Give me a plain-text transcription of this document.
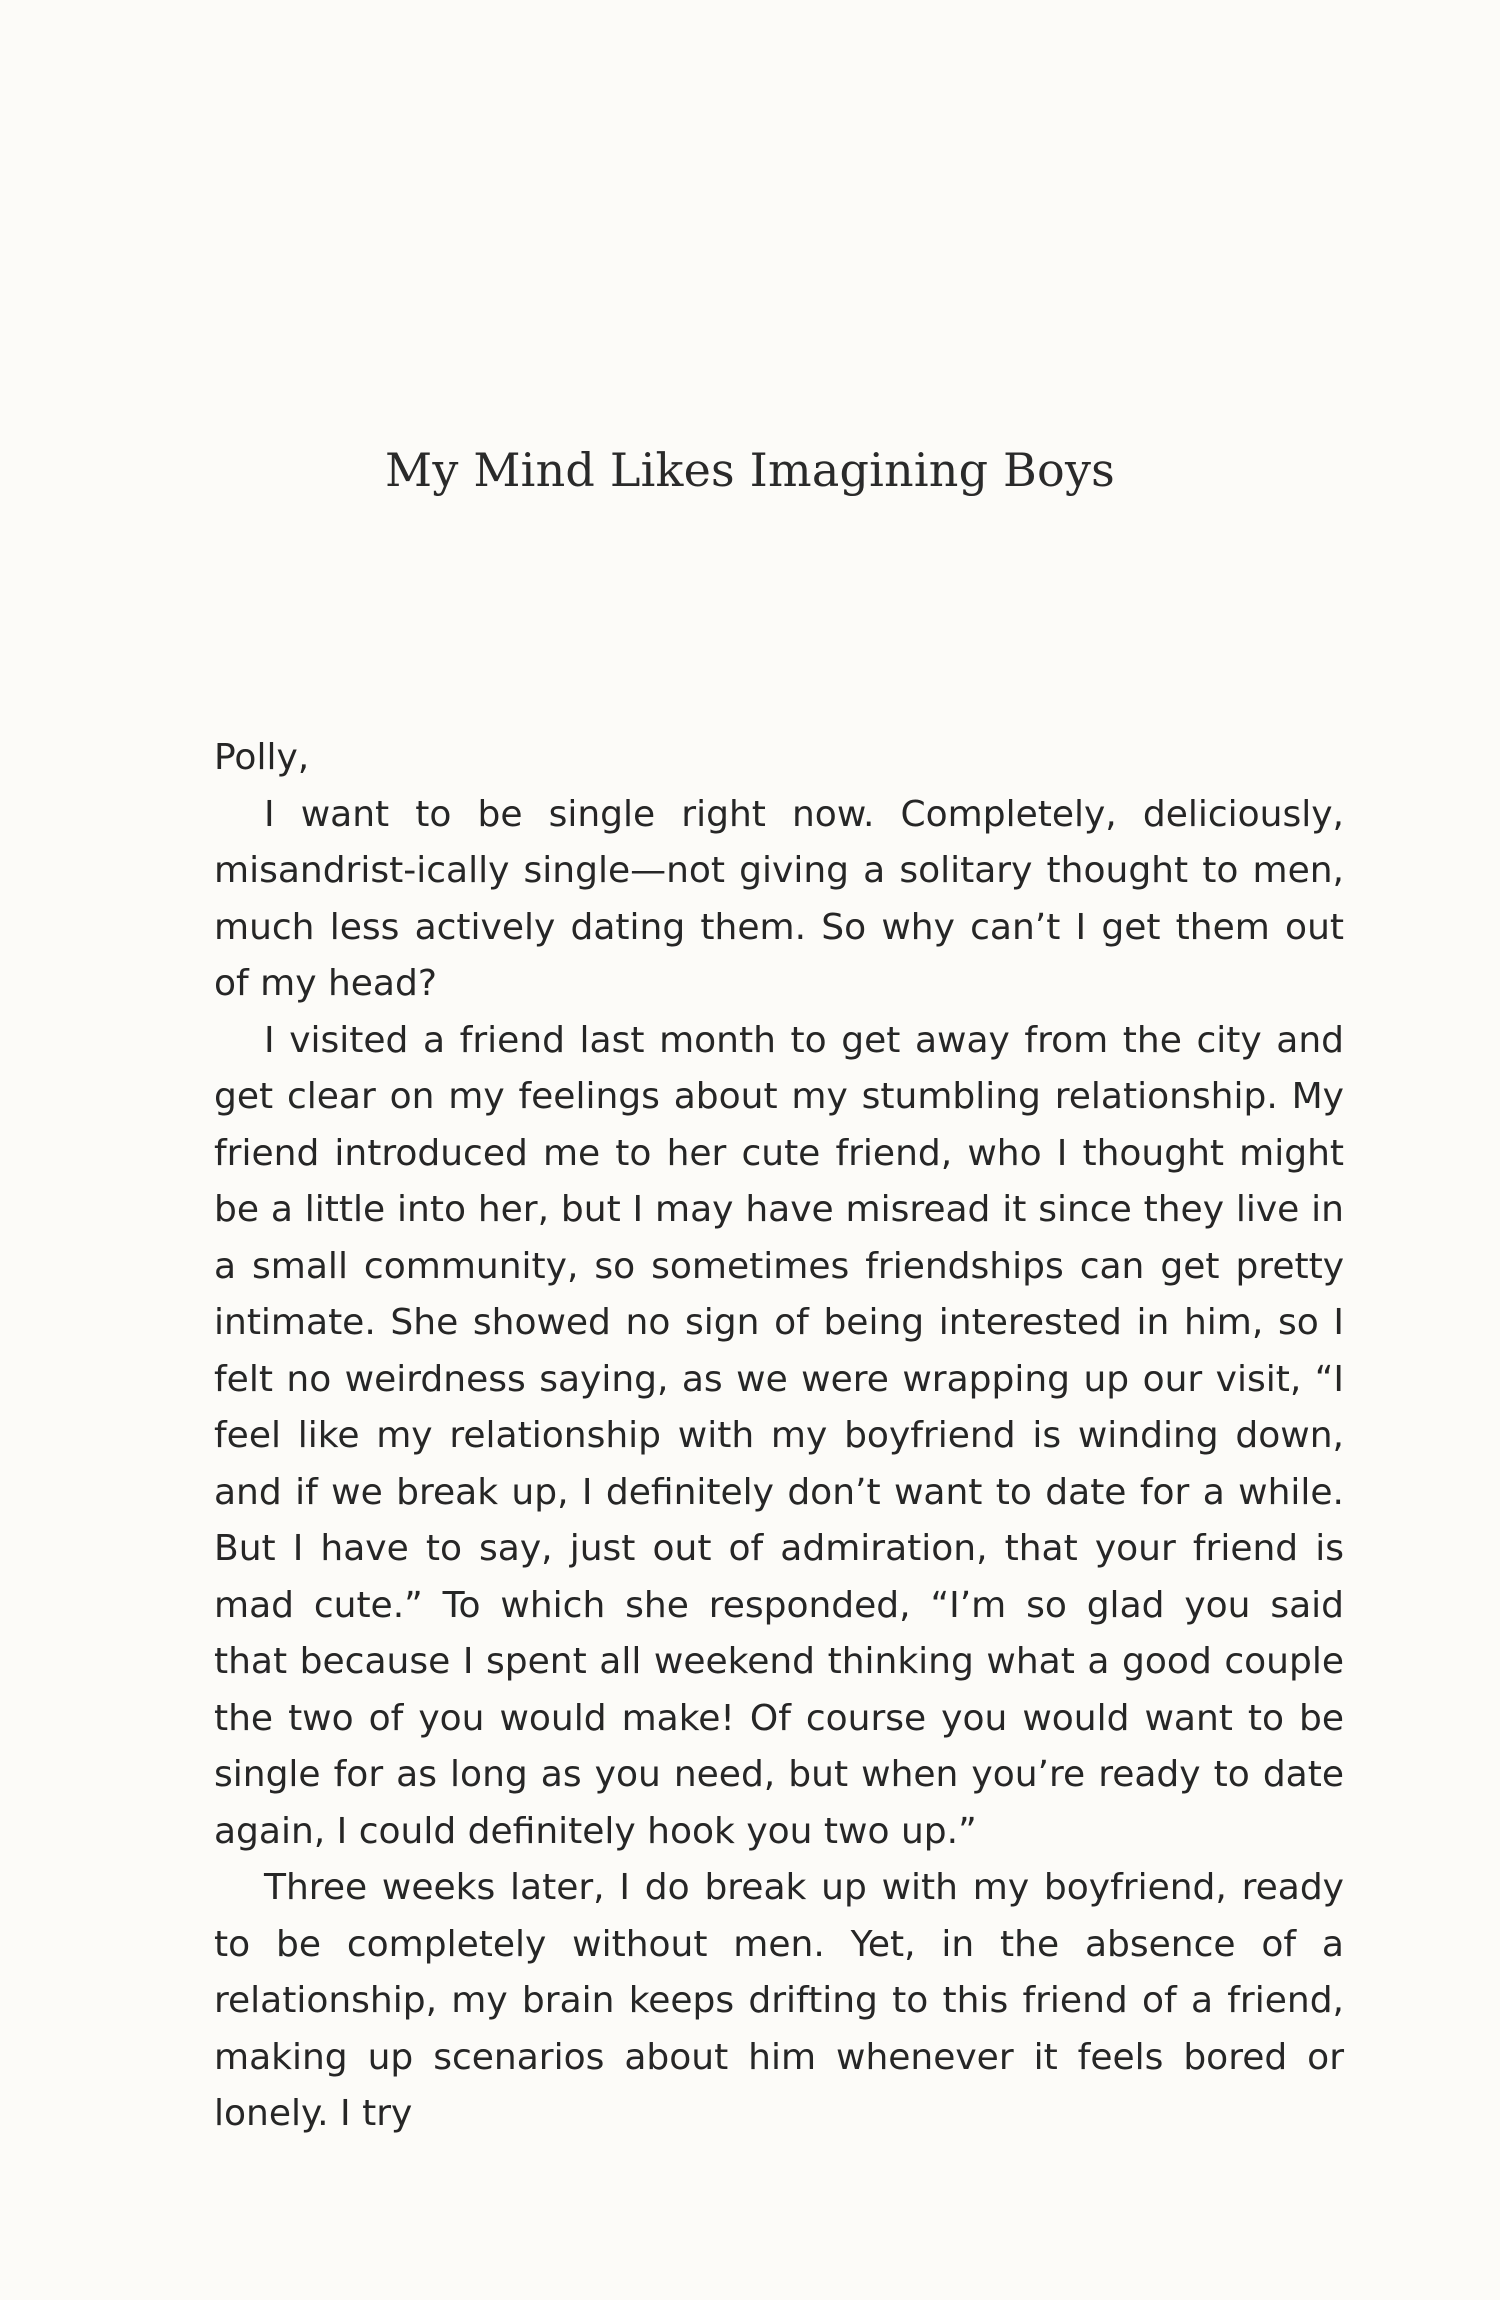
My Mind Likes Imagining Boys

Polly,

I want to be single right now. Completely, deliciously, misandrist-ically single—not giving a solitary thought to men, much less actively dating them. So why can’t I get them out of my head?

I visited a friend last month to get away from the city and get clear on my feelings about my stumbling relationship. My friend introduced me to her cute friend, who I thought might be a little into her, but I may have misread it since they live in a small community, so sometimes friendships can get pretty intimate. She showed no sign of being interested in him, so I felt no weirdness saying, as we were wrapping up our visit, “I feel like my relationship with my boyfriend is winding down, and if we break up, I definitely don’t want to date for a while. But I have to say, just out of admiration, that your friend is mad cute.” To which she responded, “I’m so glad you said that because I spent all weekend thinking what a good couple the two of you would make! Of course you would want to be single for as long as you need, but when you’re ready to date again, I could definitely hook you two up.”

Three weeks later, I do break up with my boyfriend, ready to be completely without men. Yet, in the absence of a relationship, my brain keeps drifting to this friend of a friend, making up scenarios about him whenever it feels bored or lonely. I try
